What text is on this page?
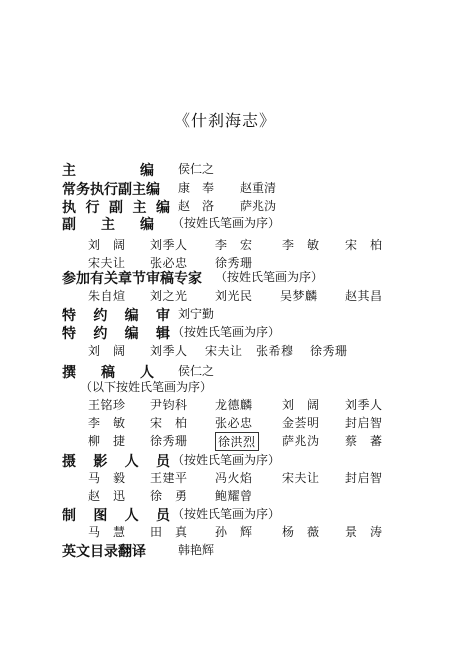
《什刹海志》
主	编 侯仁之
常务执行副主编 康　奉 赵重清
执 行 副 主 编 赵　洛 萨兆沩
副 主 编 （按姓氏笔画为序）
刘　阔 刘季人 李　宏 李　敏 宋　柏
宋夫让 张必忠 徐秀珊
参加有关章节审稿专家 （按姓氏笔画为序）
朱自煊 刘之光 刘光民 吴梦麟 赵其昌
特 约 编 审 刘宁勤
特 约 编 辑 （按姓氏笔画为序）
刘　阔 刘季人 宋夫让 张希穆 徐秀珊
撰 稿 人 侯仁之
（以下按姓氏笔画为序）
王铭珍 尹钧科 龙德麟 刘　阔 刘季人
李　敏 宋　柏 张必忠 金荟明 封启智
柳　捷 徐秀珊	徐洪烈 萨兆沩 蔡　蕃
摄 影 人 员 （按姓氏笔画为序）
马　毅 王建平 冯火焰 宋夫让 封启智
赵　迅 徐　勇 鲍耀曾
制 图 人 员 （按姓氏笔画为序）
马　慧 田　真 孙　辉 杨　薇 景　涛
英文目录翻译	韩艳辉
